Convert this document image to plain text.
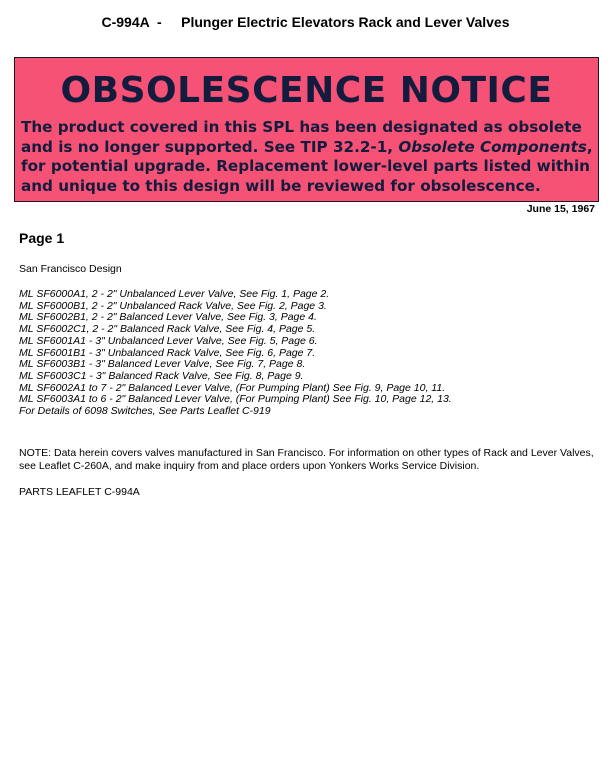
C-994A - Plunger Electric Elevators Rack and Lever Valves
OBSOLESCENCE NOTICE
The product covered in this SPL has been designated as obsolete and is no longer supported. See TIP 32.2-1, Obsolete Components, for potential upgrade. Replacement lower-level parts listed within and unique to this design will be reviewed for obsolescence.
June 15, 1967
Page 1
San Francisco Design
ML SF6000A1, 2 - 2" Unbalanced Lever Valve, See Fig. 1, Page 2.
ML SF6000B1, 2 - 2" Unbalanced Rack Valve, See Fig. 2, Page 3.
ML SF6002B1, 2 - 2" Balanced Lever Valve, See Fig. 3, Page 4.
ML SF6002C1, 2 - 2" Balanced Rack Valve, See Fig. 4, Page 5.
ML SF6001A1 - 3" Unbalanced Lever Valve, See Fig. 5, Page 6.
ML SF6001B1 - 3" Unbalanced Rack Valve, See Fig. 6, Page 7.
ML SF6003B1 - 3" Balanced Lever Valve, See Fig. 7, Page 8.
ML SF6003C1 - 3" Balanced Rack Valve, See Fig. 8, Page 9.
ML SF6002A1 to 7 - 2" Balanced Lever Valve, (For Pumping Plant) See Fig. 9, Page 10, 11.
ML SF6003A1 to 6 - 2" Balanced Lever Valve, (For Pumping Plant) See Fig. 10, Page 12, 13.
For Details of 6098 Switches, See Parts Leaflet C-919
NOTE: Data herein covers valves manufactured in San Francisco. For information on other types of Rack and Lever Valves, see Leaflet C-260A, and make inquiry from and place orders upon Yonkers Works Service Division.
PARTS LEAFLET C-994A
